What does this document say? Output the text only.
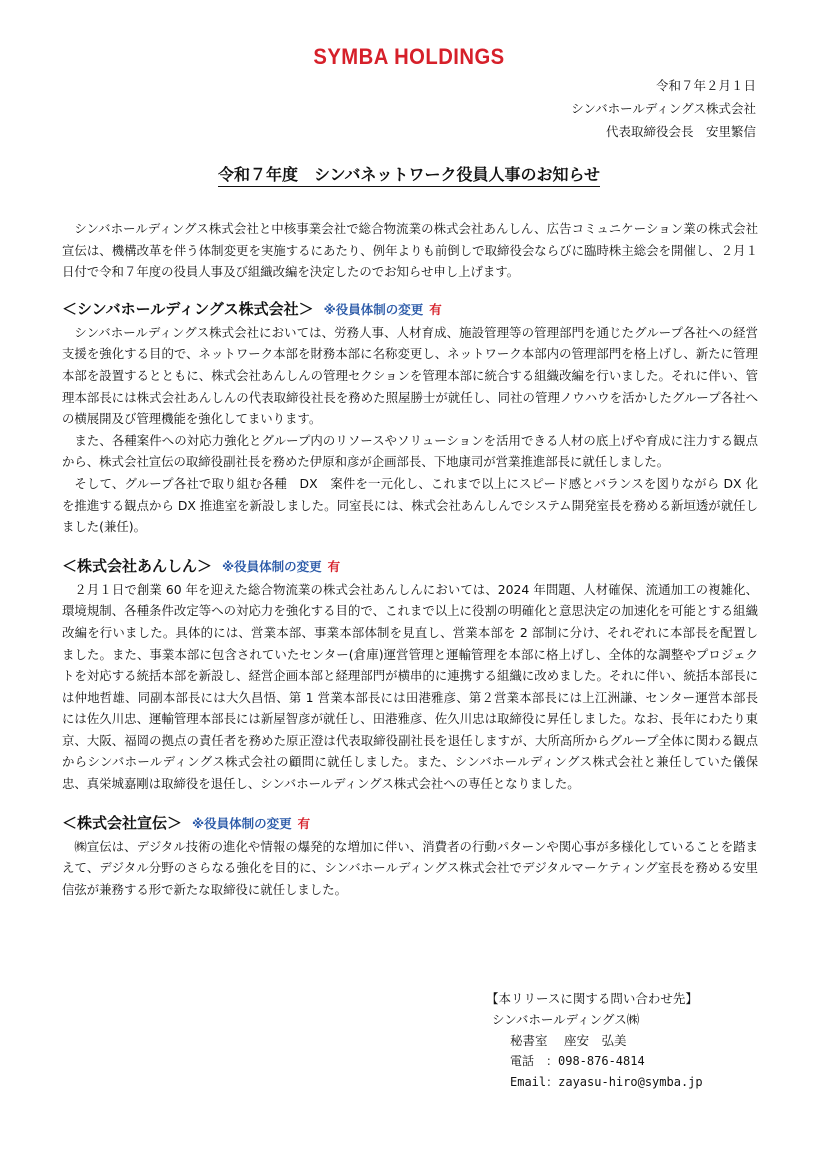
SYMBA HOLDINGS
令和７年２月１日
シンバホールディングス株式会社
代表取締役会長　安里繁信
令和７年度　シンバネットワーク役員人事のお知らせ

シンバホールディングス株式会社と中核事業会社で総合物流業の株式会社あんしん、広告コミュニケーション業の株式会社宣伝は、機構改革を伴う体制変更を実施するにあたり、例年よりも前倒しで取締役会ならびに臨時株主総会を開催し、２月１日付で令和７年度の役員人事及び組織改編を決定したのでお知らせ申し上げます。

＜シンバホールディングス株式会社＞ ※役員体制の変更 有

シンバホールディングス株式会社においては、労務人事、人材育成、施設管理等の管理部門を通じたグループ各社への経営支援を強化する目的で、ネットワーク本部を財務本部に名称変更し、ネットワーク本部内の管理部門を格上げし、新たに管理本部を設置するとともに、株式会社あんしんの管理セクションを管理本部に統合する組織改編を行いました。それに伴い、管理本部長には株式会社あんしんの代表取締役社長を務めた照屋勝士が就任し、同社の管理ノウハウを活かしたグループ各社への横展開及び管理機能を強化してまいります。

また、各種案件への対応力強化とグループ内のリソースやソリューションを活用できる人材の底上げや育成に注力する観点から、株式会社宣伝の取締役副社長を務めた伊原和彦が企画部長、下地康司が営業推進部長に就任しました。

そして、グループ各社で取り組む各種　DX　案件を一元化し、これまで以上にスピード感とバランスを図りながら DX 化を推進する観点から DX 推進室を新設しました。同室長には、株式会社あんしんでシステム開発室長を務める新垣透が就任しました(兼任)。

＜株式会社あんしん＞ ※役員体制の変更 有

２月１日で創業 60 年を迎えた総合物流業の株式会社あんしんにおいては、2024 年問題、人材確保、流通加工の複雑化、環境規制、各種条件改定等への対応力を強化する目的で、これまで以上に役割の明確化と意思決定の加速化を可能とする組織改編を行いました。具体的には、営業本部、事業本部体制を見直し、営業本部を 2 部制に分け、それぞれに本部長を配置しました。また、事業本部に包含されていたセンター(倉庫)運営管理と運輸管理を本部に格上げし、全体的な調整やプロジェクトを対応する統括本部を新設し、経営企画本部と経理部門が横串的に連携する組織に改めました。それに伴い、統括本部長には仲地哲雄、同副本部長には大久昌悟、第 1 営業本部長には田港雅彦、第２営業本部長には上江洲謙、センター運営本部長には佐久川忠、運輸管理本部長には新屋智彦が就任し、田港雅彦、佐久川忠は取締役に昇任しました。なお、長年にわたり東京、大阪、福岡の拠点の責任者を務めた原正澄は代表取締役副社長を退任しますが、大所高所からグループ全体に関わる観点からシンバホールディングス株式会社の顧問に就任しました。また、シンバホールディングス株式会社と兼任していた儀保忠、真栄城嘉剛は取締役を退任し、シンバホールディングス株式会社への専任となりました。

＜株式会社宣伝＞ ※役員体制の変更 有

㈱宣伝は、デジタル技術の進化や情報の爆発的な増加に伴い、消費者の行動パターンや関心事が多様化していることを踏まえて、デジタル分野のさらなる強化を目的に、シンバホールディングス株式会社でデジタルマーケティング室長を務める安里信弦が兼務する形で新たな取締役に就任しました。

【本リリースに関する問い合わせ先】
シンバホールディングス㈱
秘書室　 座安　弘美
電話　：098-876-4814
Email：zayasu-hiro@symba.jp
